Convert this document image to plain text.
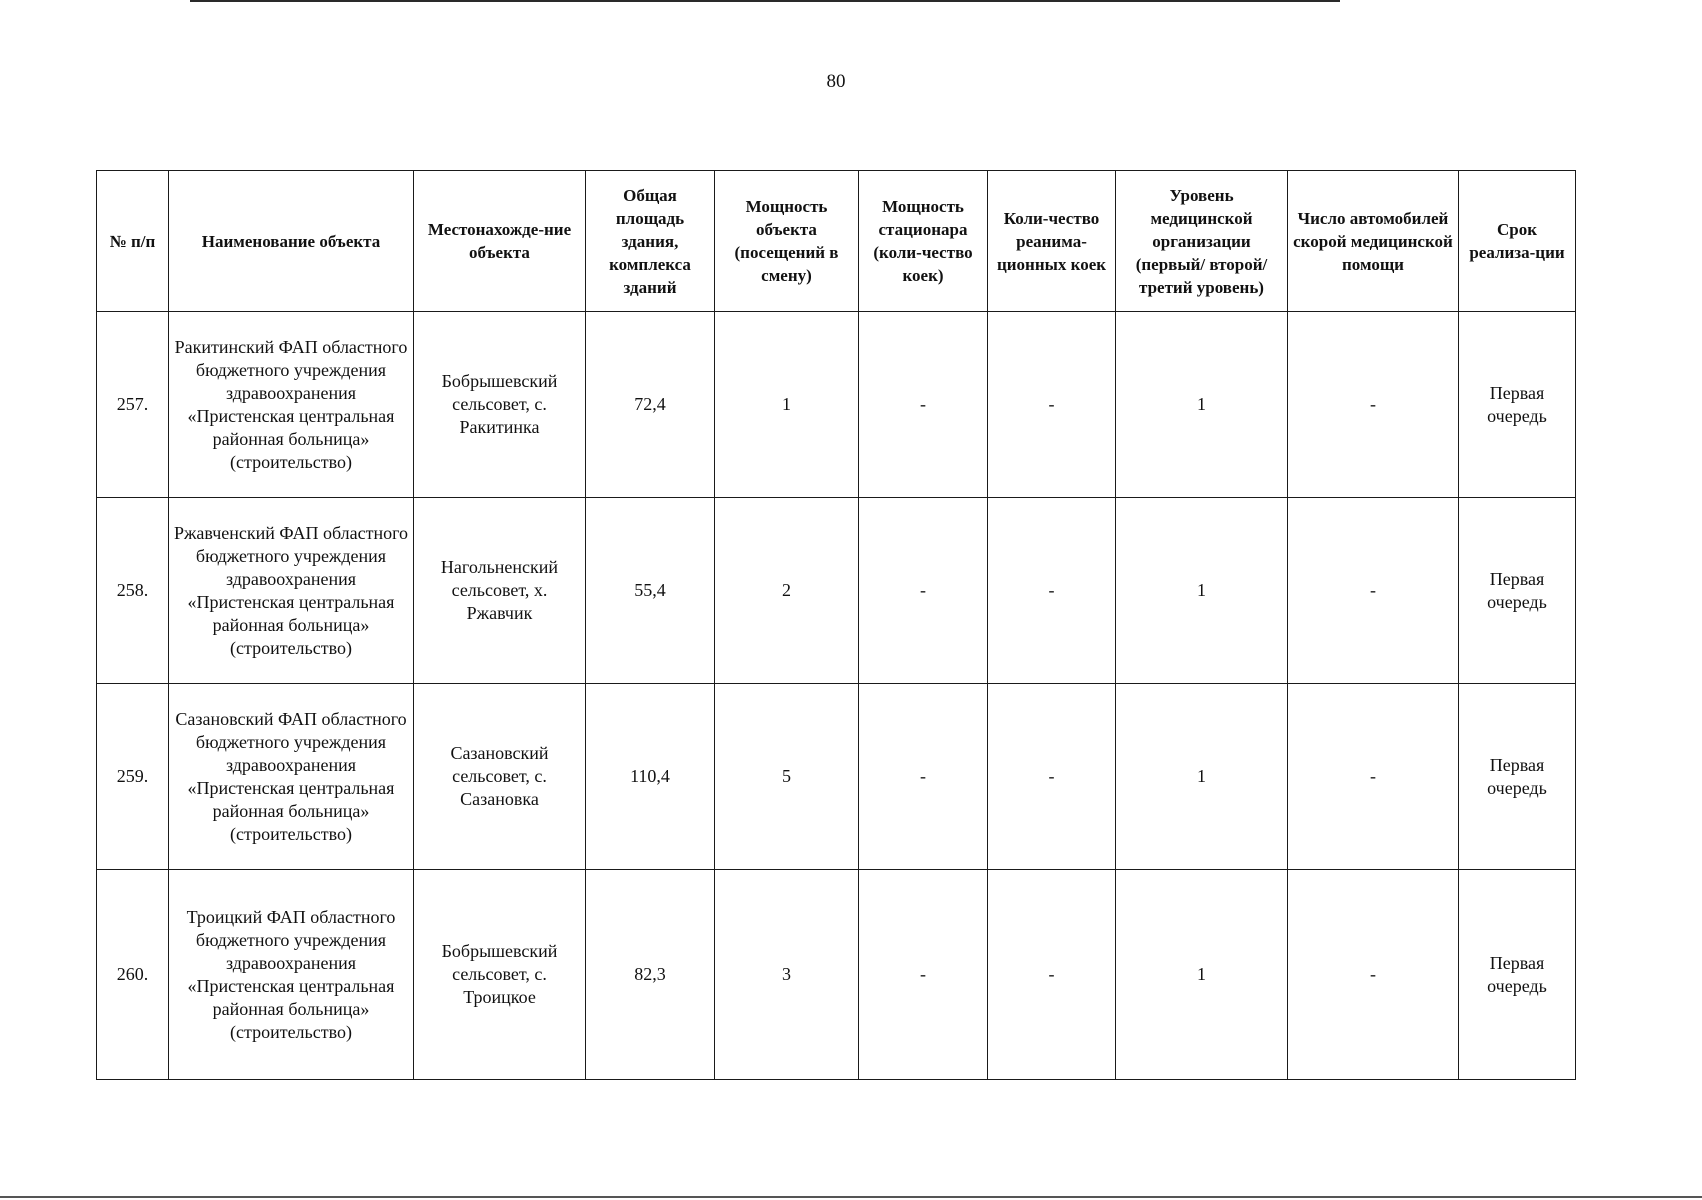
80
№ п/п	Наименование объекта	Местонахожде-ние объекта	Общая площадь здания, комплекса зданий	Мощность объекта (посещений в смену)	Мощность стационара (коли-чество коек)	Коли-чество реанима-ционных коек	Уровень медицинской организации (первый/ второй/ третий уровень)	Число автомобилей скорой медицинской помощи	Срок реализа-ции
257.	Ракитинский ФАП областного бюджетного учреждения здравоохранения «Пристенская центральная районная больница» (строительство)	Бобрышевский сельсовет, с. Ракитинка	72,4	1	-	-	1	-	Первая очередь
258.	Ржавченский ФАП областного бюджетного учреждения здравоохранения «Пристенская центральная районная больница» (строительство)	Нагольненский сельсовет, х. Ржавчик	55,4	2	-	-	1	-	Первая очередь
259.	Сазановский ФАП областного бюджетного учреждения здравоохранения «Пристенская центральная районная больница» (строительство)	Сазановский сельсовет, с. Сазановка	110,4	5	-	-	1	-	Первая очередь
260.	Троицкий ФАП областного бюджетного учреждения здравоохранения «Пристенская центральная районная больница» (строительство)	Бобрышевский сельсовет, с. Троицкое	82,3	3	-	-	1	-	Первая очередь
